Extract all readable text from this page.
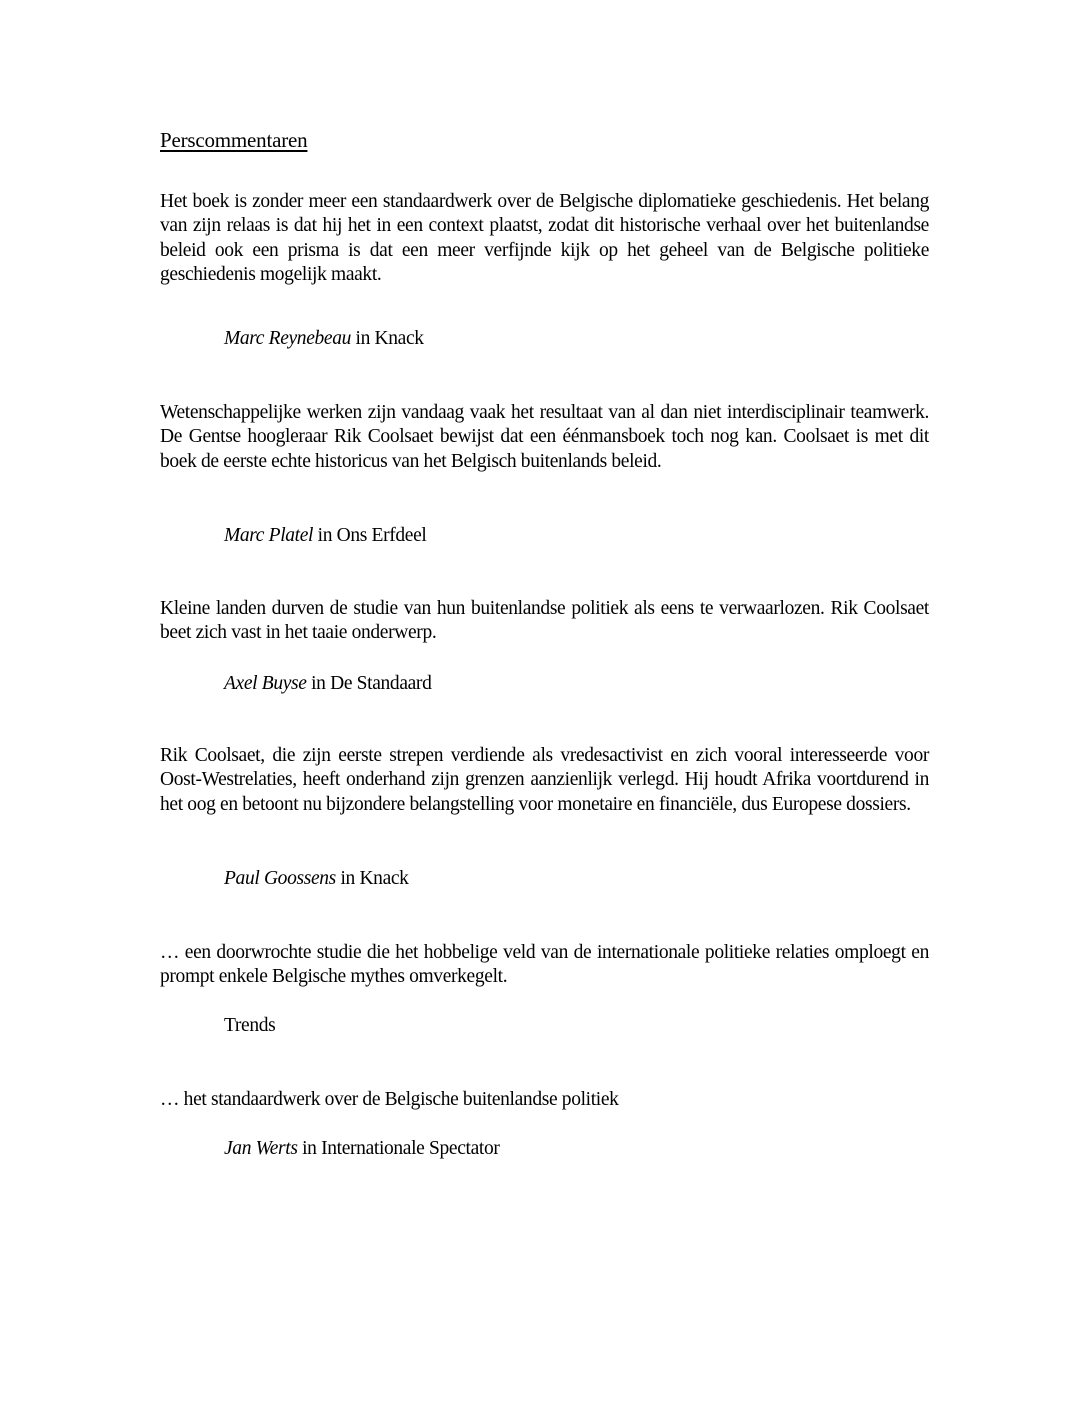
Perscommentaren

Het boek is zonder meer een standaardwerk over de Belgische diplomatieke geschiedenis. Het belang van zijn relaas is dat hij het in een context plaatst, zodat dit historische verhaal over het buitenlandse beleid ook een prisma is dat een meer verfijnde kijk op het geheel van de Belgische politieke geschiedenis mogelijk maakt.

Marc Reynebeau in Knack

Wetenschappelijke werken zijn vandaag vaak het resultaat van al dan niet interdisciplinair teamwerk. De Gentse hoogleraar Rik Coolsaet bewijst dat een éénmansboek toch nog kan. Coolsaet is met dit boek de eerste echte historicus van het Belgisch buitenlands beleid.

Marc Platel in Ons Erfdeel

Kleine landen durven de studie van hun buitenlandse politiek als eens te verwaarlozen. Rik Coolsaet beet zich vast in het taaie onderwerp.

Axel Buyse in De Standaard

Rik Coolsaet, die zijn eerste strepen verdiende als vredesactivist en zich vooral interesseerde voor Oost-Westrelaties, heeft onderhand zijn grenzen aanzienlijk verlegd. Hij houdt Afrika voortdurend in het oog en betoont nu bijzondere belangstelling voor monetaire en financiële, dus Europese dossiers.

Paul Goossens in Knack

… een doorwrochte studie die het hobbelige veld van de internationale politieke relaties omploegt en prompt enkele Belgische mythes omverkegelt.

Trends

… het standaardwerk over de Belgische buitenlandse politiek

Jan Werts in Internationale Spectator
